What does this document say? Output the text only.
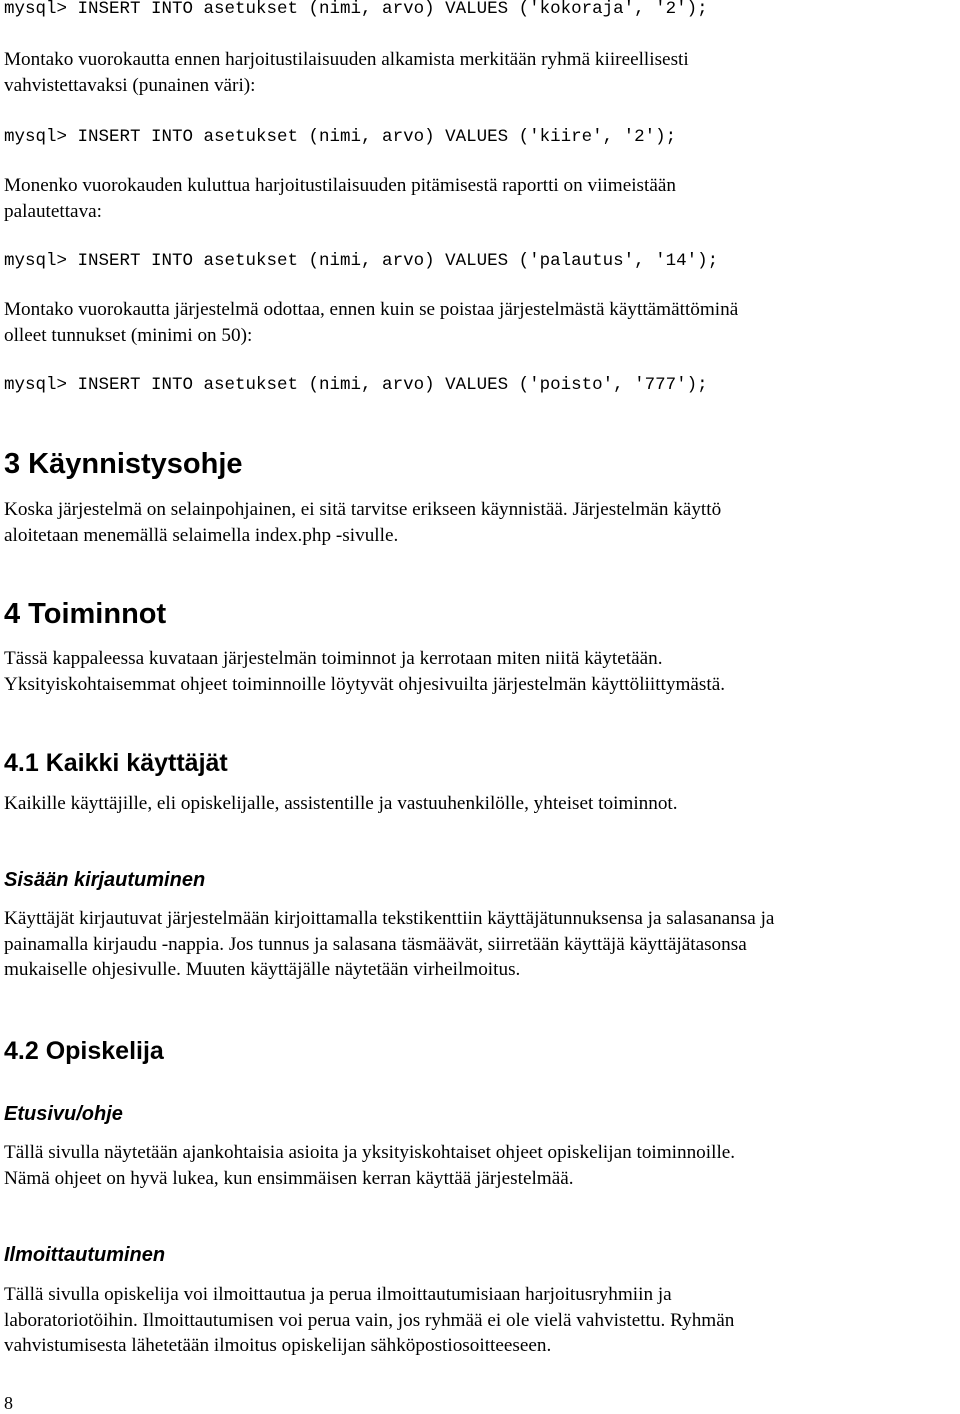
mysql> INSERT INTO asetukset (nimi, arvo) VALUES ('kokoraja', '2');

Montako vuorokautta ennen harjoitustilaisuuden alkamista merkitään ryhmä kiireellisesti
vahvistettavaksi (punainen väri):

mysql> INSERT INTO asetukset (nimi, arvo) VALUES ('kiire', '2');

Monenko vuorokauden kuluttua harjoitustilaisuuden pitämisestä raportti on viimeistään
palautettava:

mysql> INSERT INTO asetukset (nimi, arvo) VALUES ('palautus', '14');

Montako vuorokautta järjestelmä odottaa, ennen kuin se poistaa järjestelmästä käyttämättöminä
olleet tunnukset (minimi on 50):

mysql> INSERT INTO asetukset (nimi, arvo) VALUES ('poisto', '777');
3 Käynnistysohje

Koska järjestelmä on selainpohjainen, ei sitä tarvitse erikseen käynnistää. Järjestelmän käyttö
aloitetaan menemällä selaimella index.php -sivulle.

4 Toiminnot

Tässä kappaleessa kuvataan järjestelmän toiminnot ja kerrotaan miten niitä käytetään.
Yksityiskohtaisemmat ohjeet toiminnoille löytyvät ohjesivuilta järjestelmän käyttöliittymästä.

4.1 Kaikki käyttäjät

Kaikille käyttäjille, eli opiskelijalle, assistentille ja vastuuhenkilölle, yhteiset toiminnot.

Sisään kirjautuminen

Käyttäjät kirjautuvat järjestelmään kirjoittamalla tekstikenttiin käyttäjätunnuksensa ja salasanansa ja
painamalla kirjaudu -nappia. Jos tunnus ja salasana täsmäävät, siirretään käyttäjä käyttäjätasonsa
mukaiselle ohjesivulle. Muuten käyttäjälle näytetään virheilmoitus.

4.2 Opiskelija
Etusivu/ohje

Tällä sivulla näytetään ajankohtaisia asioita ja yksityiskohtaiset ohjeet opiskelijan toiminnoille.
Nämä ohjeet on hyvä lukea, kun ensimmäisen kerran käyttää järjestelmää.

Ilmoittautuminen

Tällä sivulla opiskelija voi ilmoittautua ja perua ilmoittautumisiaan harjoitusryhmiin ja
laboratoriotöihin. Ilmoittautumisen voi perua vain, jos ryhmää ei ole vielä vahvistettu. Ryhmän
vahvistumisesta lähetetään ilmoitus opiskelijan sähköpostiosoitteeseen.

8
